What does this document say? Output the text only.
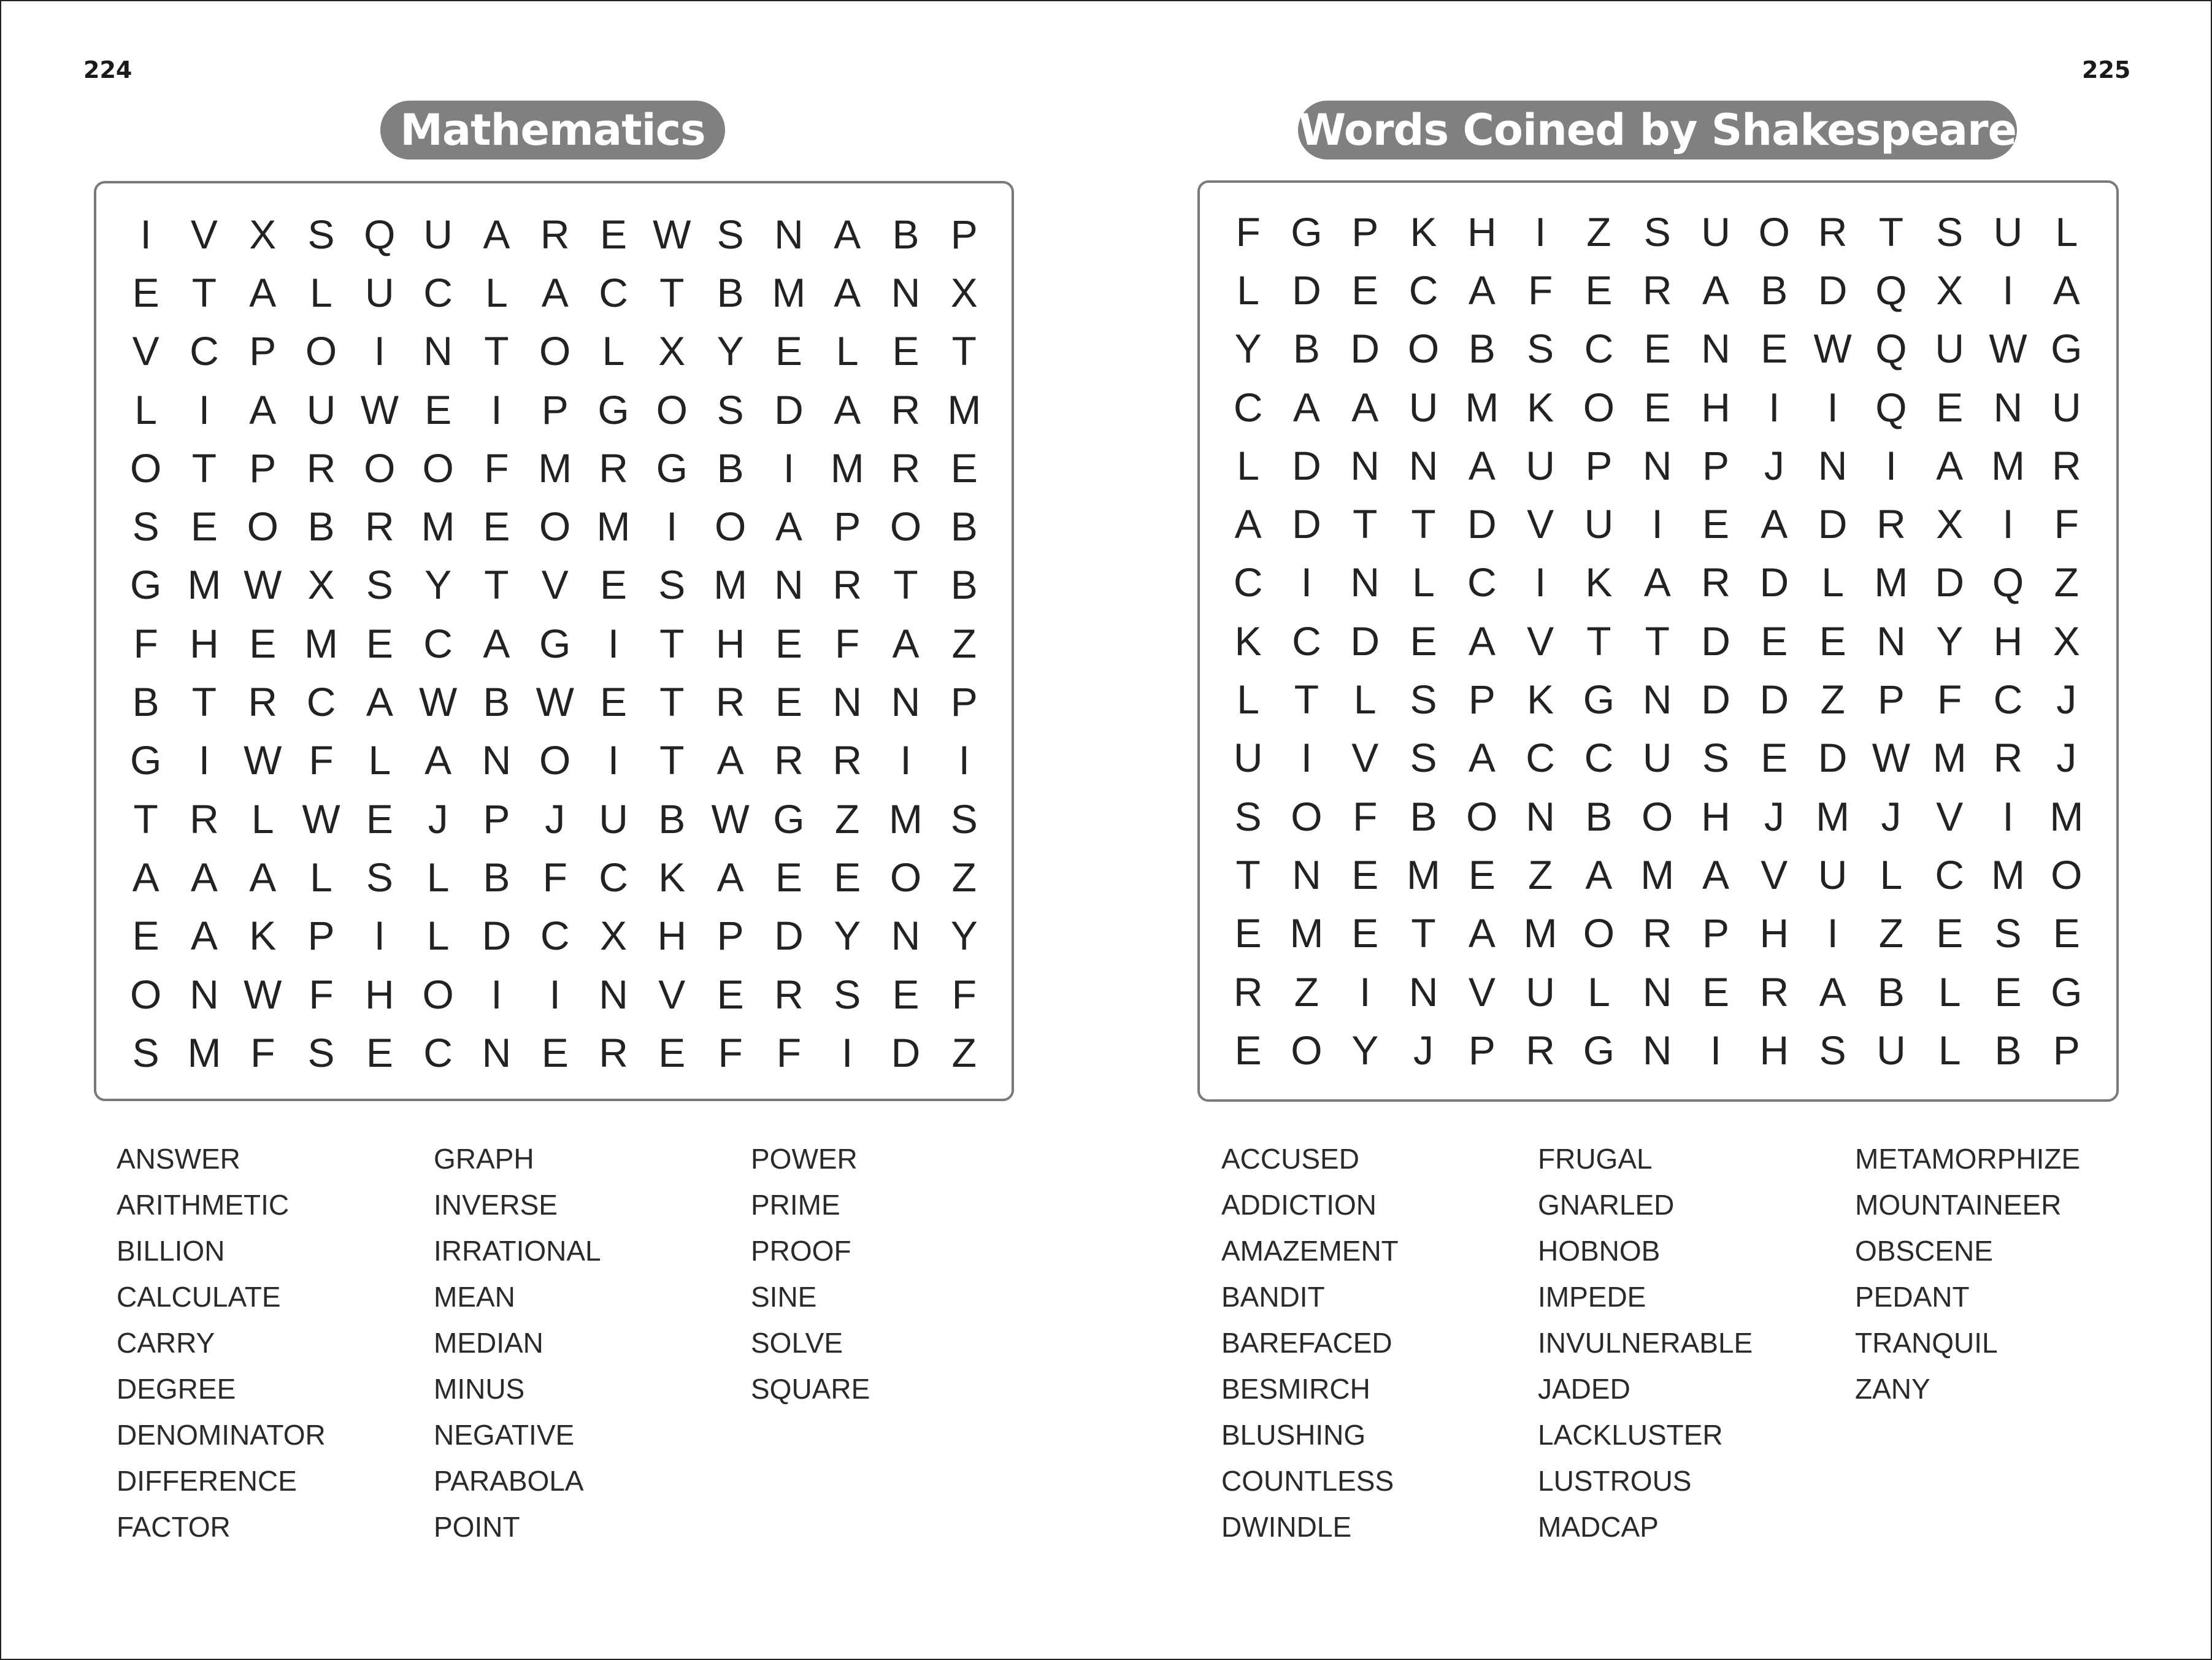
224	225
Mathematics	Words Coined by Shakespeare
I V X S Q U A R E W S N A B P
E T A L U C L A C T B M A N X
V C P O I N T O L X Y E L E T
L	I A U W E I P G O S D A R M
O T P R O O F M R G B I M R E
S E O B R M E O M I O A P O B
G M W X S Y T V E S M N R T B
F H E M E C A G I T H E F A Z
B T R C A W B W E T R E N N P
G I W F L A N O I T A R R I	I
T R L W E J P J U B W G Z M S
A A A L S L B F C K A E E O Z
E A K P I	L D C X H P D Y N Y
O N W F H O I	I N V E R S E F
S M F S E C N E R E F F I D Z
F G P K H I Z S U O R T S U L
L D E C A F E R A B D Q X I A
Y B D O B S C E N E W Q U W G
C A A U M K O E H I	I Q E N U
L D N N A U P N P J N I A M R
A D T T D V U I E A D R X I F
C I N L C I K A R D L M D Q Z
K C D E A V T T D E E N Y H X
L T L S P K G N D D Z P F C J
U I V S A C C U S E D W M R J
S O F B O N B O H J M J V I M
T N E M E Z A M A V U L C M O
E M E T A M O R P H I Z E S E
R Z I N V U L N E R A B L E G
E O Y J P R G N I H S U L B P
ANSWER
ARITHMETIC
BILLION
CALCULATE
CARRY
DEGREE
DENOMINATOR
DIFFERENCE
FACTOR
GRAPH
INVERSE
IRRATIONAL
MEAN
MEDIAN
MINUS
NEGATIVE
PARABOLA
POINT
POWER
PRIME
PROOF
SINE
SOLVE
SQUARE
ACCUSED
ADDICTION
AMAZEMENT
BANDIT
BAREFACED
BESMIRCH
BLUSHING
COUNTLESS
DWINDLE
FRUGAL
GNARLED
HOBNOB
IMPEDE
INVULNERABLE
JADED
LACKLUSTER
LUSTROUS
MADCAP
METAMORPHIZE
MOUNTAINEER
OBSCENE
PEDANT
TRANQUIL
ZANY
